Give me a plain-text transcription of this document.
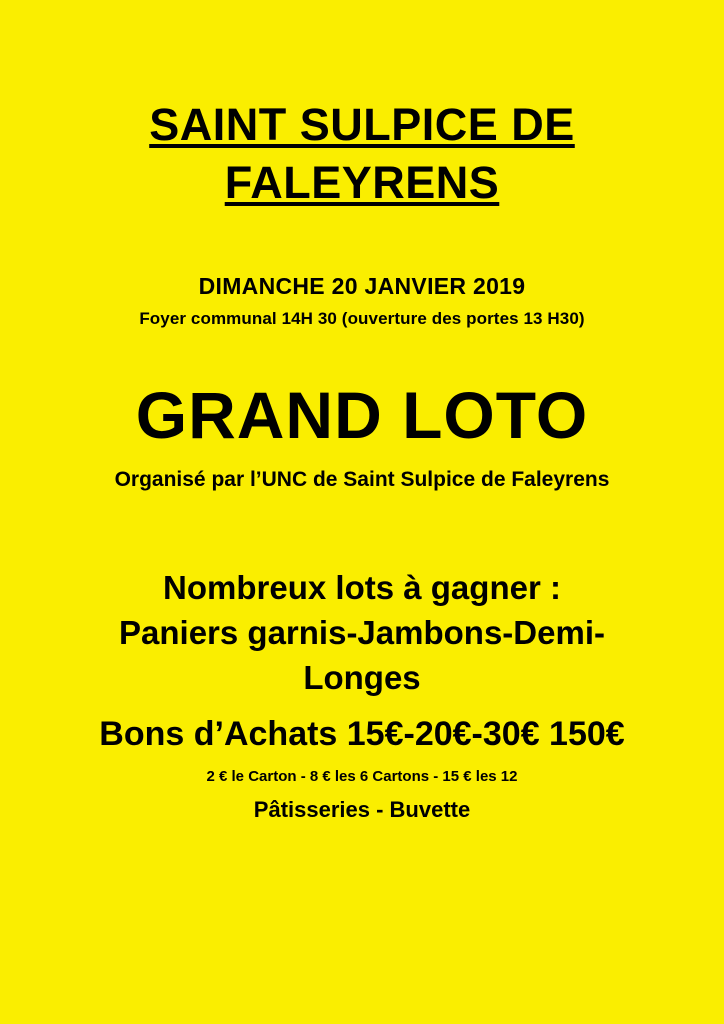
SAINT SULPICE DE
FALEYRENS
DIMANCHE 20 JANVIER 2019
Foyer communal 14H 30 (ouverture des portes 13 H30)
GRAND LOTO
Organisé par l’UNC de Saint Sulpice de Faleyrens
Nombreux lots à gagner :
Paniers garnis-Jambons-Demi-
Longes
Bons d’Achats 15€-20€-30€ 150€
2 € le Carton - 8 € les 6 Cartons - 15 € les 12
Pâtisseries - Buvette
